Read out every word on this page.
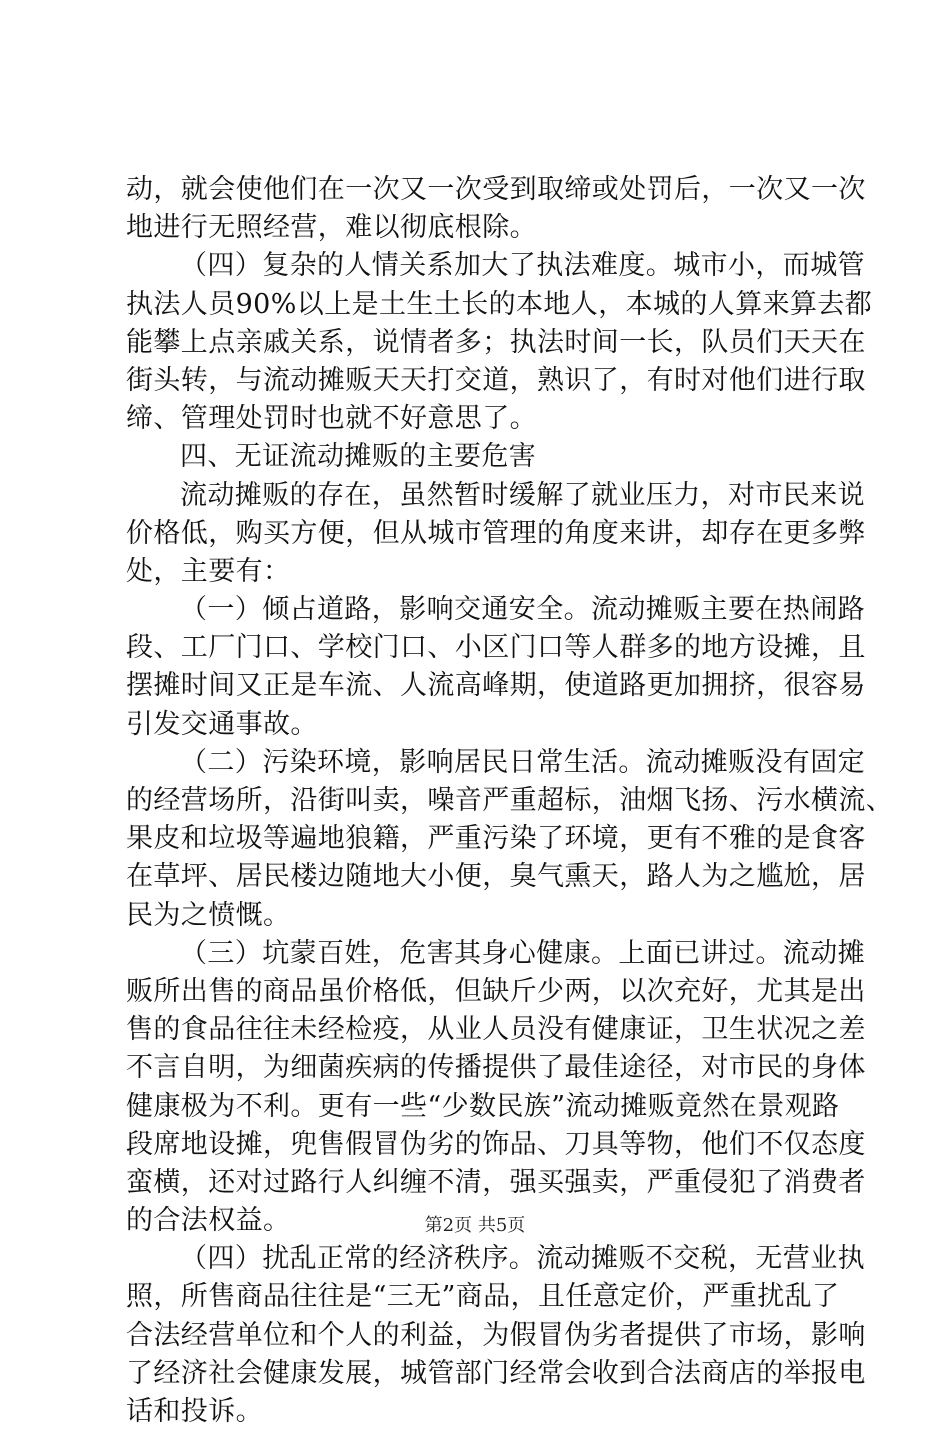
动，就会使他们在一次又一次受到取缔或处罚后，一次又一次
地进行无照经营，难以彻底根除。
（四）复杂的人情关系加大了执法难度。城市小，而城管
执法人员90%以上是土生土长的本地人，本城的人算来算去都
能攀上点亲戚关系，说情者多；执法时间一长，队员们天天在
街头转，与流动摊贩天天打交道，熟识了，有时对他们进行取
缔、管理处罚时也就不好意思了。
四、无证流动摊贩的主要危害
流动摊贩的存在，虽然暂时缓解了就业压力，对市民来说
价格低，购买方便，但从城市管理的角度来讲，却存在更多弊
处，主要有：
（一）倾占道路，影响交通安全。流动摊贩主要在热闹路
段、工厂门口、学校门口、小区门口等人群多的地方设摊，且
摆摊时间又正是车流、人流高峰期，使道路更加拥挤，很容易
引发交通事故。
（二）污染环境，影响居民日常生活。流动摊贩没有固定
的经营场所，沿街叫卖，噪音严重超标，油烟飞扬、污水横流、
果皮和垃圾等遍地狼籍，严重污染了环境，更有不雅的是食客
在草坪、居民楼边随地大小便，臭气熏天，路人为之尴尬，居
民为之愤慨。
（三）坑蒙百姓，危害其身心健康。上面已讲过。流动摊
贩所出售的商品虽价格低，但缺斤少两，以次充好，尤其是出
售的食品往往未经检疫，从业人员没有健康证，卫生状况之差
不言自明，为细菌疾病的传播提供了最佳途径，对市民的身体
健康极为不利。更有一些“少数民族”流动摊贩竟然在景观路
段席地设摊，兜售假冒伪劣的饰品、刀具等物，他们不仅态度
蛮横，还对过路行人纠缠不清，强买强卖，严重侵犯了消费者
的合法权益。
（四）扰乱正常的经济秩序。流动摊贩不交税，无营业执
照，所售商品往往是“三无”商品，且任意定价，严重扰乱了
合法经营单位和个人的利益，为假冒伪劣者提供了市场，影响
了经济社会健康发展，城管部门经常会收到合法商店的举报电
话和投诉。
第2页 共5页
